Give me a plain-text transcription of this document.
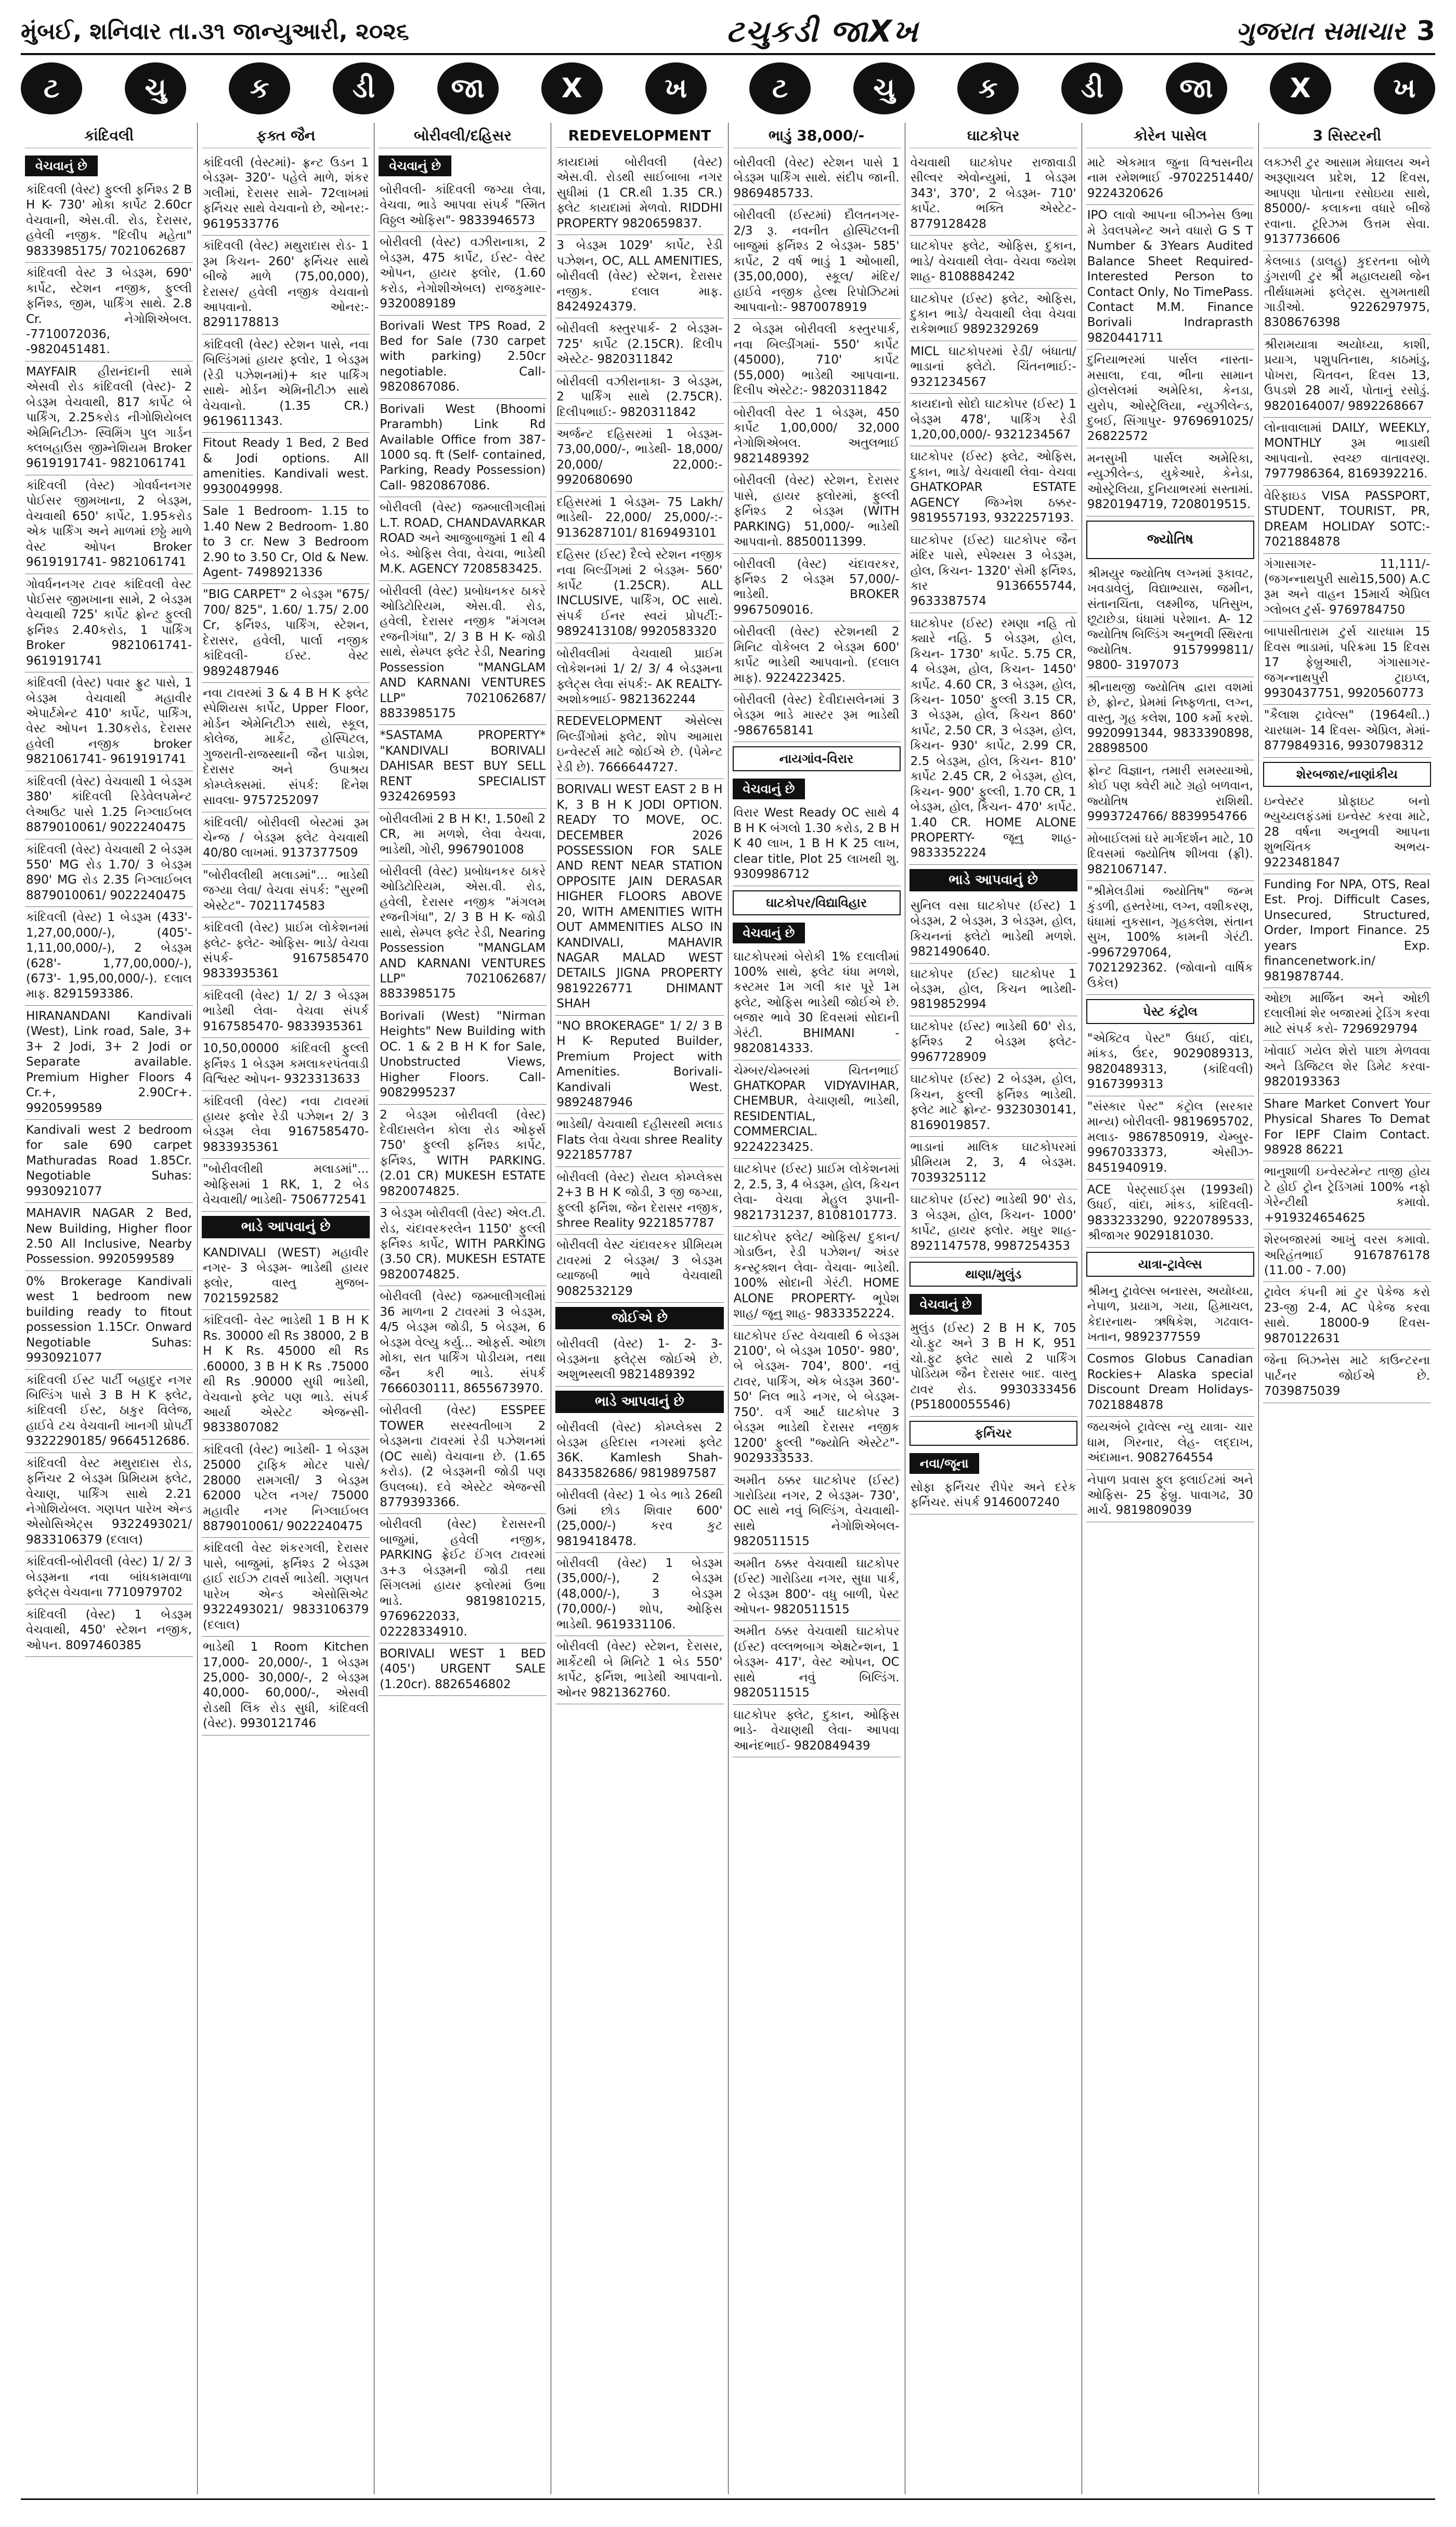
મુંબઈ, શનિવાર તા.૩૧ જાન્યુઆરી, ૨૦૨૬	ટચુકડી જાXખ	ગુજરાત સમાચાર 3
ટ	ચુ	ક	ડી	જા	X	ખ	ટ	ચુ	ક	ડી	જા	X	ખ
કાંદિવલી
વેચવાનું છે
કાંદિવલી (વેસ્ટ) ફુલ્લી ફર્નિશ્ડ 2 B H K- 730' મોકા કાર્પેટ 2.60cr વેચવાની, એસ.વી. રોડ, દેરાસર, હવેલી નજીક. "દિલીપ મહેતા" 9833985175/ 7021062687
કાંદિવલી વેસ્ટ 3 બેડરૂમ, 690' કાર્પેટ, સ્ટેશન નજીક, ફુલ્લી ફર્નિશ્ડ, જીમ, પાર્કિંગ સાથે. 2.8 Cr. નેગોશિએબલ. -7710072036, -9820451481.
MAYFAIR હીરાનંદાની સામે એસવી રોડ કાંદિવલી (વેસ્ટ)- 2 બેડરૂમ વેચવાથી, 817 કાર્પેટ બે પાર્કિંગ, 2.25કરોડ નીગોશિયેબલ એમિનિટીઝ- સ્વિમિંગ પુલ ગાર્ડન ક્લબહાઉસ જીમ્નેશિયમ Broker 9619191741- 9821061741
કાંદિવલી (વેસ્ટ) ગોવર્ધનનગર પોઈસર જીમખાના, 2 બેડરૂમ, વેચવાથી 650' કાર્પેટ, 1.95કરોડ એક પાર્કિંગ અને માળમાં છઠ્ઠે માળે વેસ્ટ ઓપન Broker 9619191741- 9821061741
ગોવર્ધનનગર ટાવર કાંદિવલી વેસ્ટ પોઈસર જીમખાના સામે, 2 બેડરૂમ વેચવાથી 725' કાર્પેટ ફ્રોન્ટ ફુલ્લી ફર્નિશ્ડ 2.40કરોડ, 1 પાર્કિંગ Broker 9821061741- 9619191741
કાંદિવલી (વેસ્ટ) પવાર ફ્રુટ પાસે, 1 બેડરૂમ વેચવાથી મહાવીર એપાર્ટમેન્ટ 410' કાર્પેટ, પાર્કિંગ, વેસ્ટ ઓપન 1.30કરોડ, દેરાસર હવેલી નજીક broker 9821061741- 9619191741
કાંદિવલી (વેસ્ટ) વેચવાથી 1 બેડરૂમ 380' કાંદિવલી રિડેવેલપમેન્ટ લેઆઉટ પાસે 1.25 નિગ્લાઈબલ 8879010061/ 9022240475
કાંદિવલી (વેસ્ટ) વેચવાથી 2 બેડરૂમ 550' MG રોડ 1.70/ 3 બેડરૂમ 890' MG રોડ 2.35 નિગ્લાઈબલ 8879010061/ 9022240475
કાંદિવલી (વેસ્ટ) 1 બેડરૂમ (433'- 1,27,00,000/-), (405'- 1,11,00,000/-), 2 બેડરૂમ (628'- 1,77,00,000/-), (673'- 1,95,00,000/-). દલાલ માફ. 8291593386.
HIRANANDANI Kandivali (West), Link road, Sale, 3+ 3+ 2 Jodi, 3+ 2 Jodi or Separate available. Premium Higher Floors 4 Cr.+, 2.90Cr+. 9920599589
Kandivali west 2 bedroom for sale 690 carpet Mathuradas Road 1.85Cr. Negotiable Suhas: 9930921077
MAHAVIR NAGAR 2 Bed, New Building, Higher floor 2.50 All Inclusive, Nearby Possession. 9920599589
0% Brokerage Kandivali west 1 bedroom new building ready to fitout possession 1.15Cr. Onward Negotiable Suhas: 9930921077
કાંદિવલી ઈસ્ટ પાર્ટી બહાદુર નગર બિલ્ડિંગ પાસે 3 B H K ફ્લેટ, કાંદિવલી ઈસ્ટ, ઠાકુર વિલેજ, હાઈવે ટચ વેચવાની ખાનગી પ્રોપર્ટી 9322290185/ 9664512686.
કાંદિવલી વેસ્ટ મથુરાદાસ રોડ, ફર્નિચર 2 બેડરૂમ પ્રિમિયમ ફ્લેટ, વેચાણ, પાર્કિંગ સાથે 2.21 નેગોશિયેબલ. ગણપત પારેખ એન્ડ એસોસિએટ્સ 9322493021/ 9833106379 (દલાલ)
કાંદિવલી-બોરીવલી (વેસ્ટ) 1/ 2/ 3 બેડરૂમના નવા બાંધકામવાળા ફ્લેટ્સ વેચવાના 7710979702
કાંદિવલી (વેસ્ટ) 1 બેડરૂમ વેચવાથી, 450' સ્ટેશન નજીક, ઓપન. 8097460385
ફક્ત જૈન
કાંદિવલી (વેસ્ટમાં)- ફ્રન્ટ ઉડન 1 બેડરૂમ- 320'- પહેલે માળે, શંકર ગલીમાં, દેરાસર સામે- 72લાખમાં ફર્નિચર સાથે વેચવાનો છે, ઓનર:- 9619533776
કાંદિવલી (વેસ્ટ) મથુરાદાસ રોડ- 1 રૂમ કિચન- 260' ફર્નિચર સાથે બીજે માળે (75,00,000), દેરાસર/ હવેલી નજીક વેચવાનો આપવાનો. ઓનર:- 8291178813
કાંદિવલી (વેસ્ટ) સ્ટેશન પાસે, નવા બિલ્ડિંગમાં હાયર ફ્લોર, 1 બેડરૂમ (રેડી પઝેશનમાં)+ કાર પાર્કિંગ સાથે- મોર્ડન એમિનીટીઝ સાથે વેચવાનો. (1.35 CR.) 9619611343.
Fitout Ready 1 Bed, 2 Bed & Jodi options. All amenities. Kandivali west. 9930049998.
Sale 1 Bedroom- 1.15 to 1.40 New 2 Bedroom- 1.80 to 3 cr. New 3 Bedroom 2.90 to 3.50 Cr, Old & New. Agent- 7498921336
"BIG CARPET" 2 બેડરૂમ "675/ 700/ 825", 1.60/ 1.75/ 2.00 Cr, ફર્નિશ્ડ, પાર્કિંગ, સ્ટેશન, દેરાસર, હવેલી, પાર્લા નજીક કાંદિવલી- ઈસ્ટ. વેસ્ટ 9892487946
નવા ટાવરમાં 3 & 4 B H K ફ્લેટ સ્પેશિયસ કાર્પેટ, Upper Floor, મોર્ડન એમેનિટીઝ સાથે, સ્કૂલ, કોલેજ, માર્કેટ, હોસ્પિટલ, ગુજરાતી-રાજસ્થાની જૈન પાડોશ, દેરાસર અને ઉપાશ્રય કોમ્પ્લેક્સમાં. સંપર્ક: દિનેશ સાવલા- 9757252097
કાંદિવલી/ બોરીવલી બેસ્ટમાં રૂમ ચેન્જ / બેડરૂમ ફ્લેટ વેચવાથી 40/80 લાખમાં. 9137377509
"બોરીવલીથી મલાડમાં"... ભાડેથી જગ્યા લેવા/ વેચવા સંપર્ક: "સુરભી એસ્ટેટ"- 7021174583
કાંદિવલી (વેસ્ટ) પ્રાઈમ લોકેશનમાં ફ્લેટ- ફ્લેટ- ઓફિસ- ભાડે/ વેચવા સંપર્ક- 9167585470 9833935361
કાંદિવલી (વેસ્ટ) 1/ 2/ 3 બેડરૂમ ભાડેથી લેવા- વેચવા સંપર્ક 9167585470- 9833935361
10,50,00000 કાંદિવલી ફુલ્લી ફર્નિશ્ડ 1 બેડરૂમ કમલાકરપંતવાડી વિશ્વિસ્ટ ઓપન- 9323313633
કાંદિવલી (વેસ્ટ) નવા ટાવરમાં હાયર ફ્લોર રેડી પઝેશન 2/ 3 બેડરૂમ લેવા 9167585470- 9833935361
"બોરીવલીથી મલાડમાં"... ઓફિસમાં 1 RK, 1, 2 બેડ વેચવાથી/ ભાડેથી- 7506772541
ભાડે આપવાનું છે
KANDIVALI (WEST) મહાવીર નગર- 3 બેડરૂમ- ભાડેથી હાયર ફ્લોર, વાસ્તુ મુજબ- 7021592582
કાંદિવલી- વેસ્ટ ભાડેથી 1 B H K Rs. 30000 થી Rs 38000, 2 B H K Rs. 45000 થી Rs .60000, 3 B H K Rs .75000 થી Rs .90000 સુધી ભાડેથી, વેચવાનો ફ્લેટ પણ ભાડે. સંપર્ક આર્યા એસ્ટેટ એજન્સી- 9833807082
કાંદિવલી (વેસ્ટ) ભાડેથી- 1 બેડરૂમ 25000 ટ્રાફિક મોટર પાસે/ 28000 રામગલી/ 3 બેડરૂમ 62000 પટેલ નગર/ 75000 મહાવીર નગર નિગ્લાઈબલ 8879010061/ 9022240475
કાંદિવલી વેસ્ટ શંકરગલી, દેરાસર પાસે, બાજુમાં, ફર્નિશ્ડ 2 બેડરૂમ હાઈ રાઈઝ ટાવર્સ ભાડેથી. ગણપત પારેખ એન્ડ એસોસિએટ 9322493021/ 9833106379 (દલાલ)
ભાડેથી 1 Room Kitchen 17,000- 20,000/-, 1 બેડરૂમ 25,000- 30,000/-, 2 બેડરૂમ 40,000- 60,000/-, એસવી રોડથી લિંક રોડ સુધી, કાંદિવલી (વેસ્ટ). 9930121746
બોરીવલી/દહિસર
વેચવાનું છે
બોરીવલી- કાંદિવલી જગ્યા લેવા, વેચવા, ભાડે આપવા સંપર્ક "સ્મિત વિઠ્ઠલ ઓફિસ"- 9833946573
બોરીવલી (વેસ્ટ) વઝીરાનાકા, 2 બેડરૂમ, 475 કાર્પેટ, ઈસ્ટ- વેસ્ટ ઓપન, હાયર ફ્લોર, (1.60 કરોડ, નેગોશીએબલ) રાજકુમાર- 9320089189
Borivali West TPS Road, 2 Bed for Sale (730 carpet with parking) 2.50cr negotiable. Call- 9820867086.
Borivali West (Bhoomi Prarambh) Link Rd Available Office from 387- 1000 sq. ft (Self- contained, Parking, Ready Possession) Call- 9820867086.
બોરીવલી (વેસ્ટ) જમ્બાલીગલીમાં L.T. ROAD, CHANDAVARKAR ROAD અને આજુબાજુમાં 1 થી 4 બેડ. ઓફિસ લેવા, વેચવા, ભાડેથી M.K. AGENCY 7208583425.
બોરીવલી (વેસ્ટ) પ્રબોધનકર ઠાકરે ઓડિટોરિયમ, એસ.વી. રોડ, હવેલી, દેરાસર નજીક "મંગલમ રજનીગંધા", 2/ 3 B H K- જોડી સાથે, સેમ્પલ ફ્લેટ રેડી, Nearing Possession "MANGLAM AND KARNANI VENTURES LLP" 7021062687/ 8833985175
*SASTAMA PROPERTY* "KANDIVALI BORIVALI DAHISAR BEST BUY SELL RENT SPECIALIST 9324269593
બોરીવલીમાં 2 B H K!, 1.50થી 2 CR, મા મળશે, લેવા વેચવા, ભાડેથી, ગોરી, 9967901008
બોરીવલી (વેસ્ટ) પ્રબોધનકર ઠાકરે ઓડિટોરિયમ, એસ.વી. રોડ, હવેલી, દેરાસર નજીક "મંગલમ રજનીગંધા", 2/ 3 B H K- જોડી સાથે, સેમ્પલ ફ્લેટ રેડી, Nearing Possession "MANGLAM AND KARNANI VENTURES LLP" 7021062687/ 8833985175
Borivali (West) "Nirman Heights" New Building with OC. 1 & 2 B H K for Sale, Unobstructed Views, Higher Floors. Call- 9082995237
2 બેડરૂમ બોરીવલી (વેસ્ટ) દેવીદાસલેન કોલા રોડ ઓફર્સ 750' ફુલ્લી ફર્નિશ્ડ કાર્પેટ, ફર્નિશ્ડ, WITH PARKING. (2.01 CR) MUKESH ESTATE 9820074825.
3 બેડરૂમ બોરીવલી (વેસ્ટ) એલ.ટી. રોડ, ચંદાવરકરલેન 1150' ફુલ્લી ફર્નિશ્ડ કાર્પેટ, WITH PARKING (3.50 CR). MUKESH ESTATE 9820074825.
બોરીવલી (વેસ્ટ) જમ્બાલીગલીમાં 36 માળના 2 ટાવરમાં 3 બેડરૂમ, 4/5 બેડરૂમ જોડી, 5 બેડરૂમ, 6 બેડરૂમ વેલ્યુ કર્યુ... ઓફર્સ. ઓછા મોકા, સત પાર્કિંગ પોડીયમ, તથા જૈન કરી ભાડે. સંપર્ક 7666030111, 8655673970.
બોરીવલી (વેસ્ટ) ESSPEE TOWER સરસ્વતીબાગ 2 બેડરૂમના ટાવરમાં રેડી પઝેશનમાં (OC સાથે) વેચવાના છે. (1.65 કરોડ). (2 બેડરૂમની જોડી પણ ઉપલબ્ધ). દવે એસ્ટેટ એજન્સી 8779393366.
બોરીવલી (વેસ્ટ) દેરાસરની બાજુમાં, હવેલી નજીક, PARKING ફ્રેઈટ ઈંગલ ટાવરમાં ૩+૩ બેડરૂમની જોડી તથા સિંગલમાં હાયર ફ્લોરમાં ઉભા ભાડે. 9819810215, 9769622033, 02228334910.
BORIVALI WEST 1 BED (405') URGENT SALE (1.20cr). 8826546802
REDEVELOPMENT
કાયદામાં બોરીવલી (વેસ્ટ) એસ.વી. રોડથી સાઈબાબા નગર સુધીમાં (1 CR.થી 1.35 CR.) ફ્લેટ કાયદામાં મેળવો. RIDDHI PROPERTY 9820659837.
3 બેડરૂમ 1029' કાર્પેટ, રેડી પઝેશન, OC, ALL AMENITIES, બોરીવલી (વેસ્ટ) સ્ટેશન, દેરાસર નજીક. દલાલ માફ. 8424924379.
બોરીવલી ક્સ્તુરપાર્ક- 2 બેડરૂમ- 725' કાર્પેટ (2.15CR). દિલીપ એસ્ટેટ- 9820311842
બોરીવલી વઝીરાનાકા- 3 બેડરૂમ, 2 પાર્કિંગ સાથે (2.75CR). દિલીપભાઈ:- 9820311842
અર્જન્ટ દહિસરમાં 1 બેડરૂમ- 73,00,000/-, ભાડેથી- 18,000/ 20,000/ 22,000:- 9920680690
દહિસરમાં 1 બેડરૂમ- 75 Lakh/ ભાડેથી- 22,000/ 25,000/-:- 9136287101/ 8169493101
દહિસર (ઈસ્ટ) દૈલ્વે સ્ટેશન નજીક નવા બિલ્ડીંગમાં 2 બેડરૂમ- 560' કાર્પેટ (1.25CR). ALL INCLUSIVE, પાર્કિંગ, OC સાથે. સંપર્ક ઈનર સ્વયં પ્રોપર્ટી:- 9892413108/ 9920583320
બોરીવલીમાં વેચવાથી પ્રાઈમ લોકેશનમાં 1/ 2/ 3/ 4 બેડરૂમના ફ્લેટ્સ લેવા સંપર્ક:- AK REALTY- અશોકભાઈ- 9821362244
REDEVELOPMENT એસેલ્સ બિલ્ડીંગોમાં ફ્લેટ, શોપ આમારા ઇન્વેસ્ટર્સ માટે જોઈએ છે. (પેમેન્ટ રેડી છે). 7666644727.
BORIVALI WEST EAST 2 B H K, 3 B H K JODI OPTION. READY TO MOVE, OC. DECEMBER 2026 POSSESSION FOR SALE AND RENT NEAR STATION OPPOSITE JAIN DERASAR HIGHER FLOORS ABOVE 20, WITH AMENITIES WITH OUT AMMENITIES ALSO IN KANDIVALI, MAHAVIR NAGAR MALAD WEST DETAILS JIGNA PROPERTY 9819226771 DHIMANT SHAH
"NO BROKERAGE" 1/ 2/ 3 B H K- Reputed Builder, Premium Project with Amenities. Borivali- Kandivali West. 9892487946
ભાડેથી/ વેચવાથી દહીસરથી મલાડ Flats લેવા વેચવા shree Reality 9221857787
બોરીવલી (વેસ્ટ) રોયલ કોમ્પ્લેક્સ 2+3 B H K જોડી, 3 જી જગ્યા, ફુલ્લી ફર્નિશ, જેન દેરાસર નજીક, shree Reality 9221857787
બોરીવલી વેસ્ટ ચંદાવરકર પ્રીમિયમ ટાવરમાં 2 બેડરૂમ/ 3 બેડરૂમ વ્યાજબી ભાવે વેચવાથી 9082532129
જોઈએ છે
બોરીવલી (વેસ્ટ) 1- 2- 3- બેડરૂમના ફ્લેટ્સ જોઈએ છે. અશુભસ્થલી 9821489392
ભાડે આપવાનું છે
બોરીવલી (વેસ્ટ) કોમ્પ્લેક્સ 2 બેડરૂમ હરિદાસ નગરમાં ફ્લેટ 36K. Kamlesh Shah- 8433582686/ 9819897587
બોરીવલી (વેસ્ટ) 1 બેડ ભાડે 26થી ઉમાં છોડ શિવાર 600' (25,000/-) કરવ કુટ 9819418478.
બોરીવલી (વેસ્ટ) 1 બેડરૂમ (35,000/-), 2 બેડરૂમ (48,000/-), 3 બેડરૂમ (70,000/-) શોપ, ઓફિસ ભાડેથી. 9619331106.
બોરીવલી (વેસ્ટ) સ્ટેશન, દેરાસર, માર્કેટથી બે મિનિટે 1 બેડ 550' કાર્પેટ, ફર્નિશ, ભાડેથી આપવાનો. ઓનર 9821362760.
ભાડું 38,000/-
બોરીવલી (વેસ્ટ) સ્ટેશન પાસે 1 બેડરૂમ પાર્કિંગ સાથે. સંદીપ જાની. 9869485733.
બોરીવલી (ઈસ્ટમાં) દૌલતનગર- 2/3 રૂ. નવનીત હોસ્પિટલની બાજુમાં ફર્નિશ્ડ 2 બેડરૂમ- 585' કાર્પેટ, 2 વર્ષ ભાડું 1 ઓબાથી, (35,00,000), સ્કૂલ/ મંદિર/ હાઈવે નજીક હેલ્થ રિપોઝિટમાં આપવાનો:- 9870078919
2 બેડરૂમ બોરીવલી કસ્તુરપાર્ક, નવા બિલ્ડીંગમાં- 550' કાર્પેટ (45000), 710' કાર્પેટ (55,000) ભાડેથી આપવાના. દિલીપ એસ્ટેટ:- 9820311842
બોરીવલી વેસ્ટ 1 બેડરૂમ, 450 કાર્પેટ 1,00,000/ 32,000 નેગોશિએબલ. અતુલભાઈ 9821489392
બોરીવલી (વેસ્ટ) સ્ટેશન, દેરાસર પાસે, હાયર ફ્લોરમાં, ફુલ્લી ફર્નિશ્ડ 2 બેડરૂમ (WITH PARKING) 51,000/- ભાડેથી આપવાનો. 8850011399.
બોરીવલી (વેસ્ટ) ચંદાવરકર, ફર્નિશ્ડ 2 બેડરૂમ 57,000/- ભાડેથી. BROKER 9967509016.
બોરીવલી (વેસ્ટ) સ્ટેશનથી 2 મિનિટ વોકેબલ 2 બેડરૂમ 600' કાર્પેટ ભાડેથી આપવાનો. (દલાલ માફ). 9224223425.
બોરીવલી (વેસ્ટ) દેવીદાસલેનમાં 3 બેડરૂમ ભાડે માસ્ટર રૂમ ભાડેથી -9867658141
નાયગાંવ-વિરાર
વેચવાનું છે
વિરાર West Ready OC સાથે 4 B H K બંગલો 1.30 કરોડ, 2 B H K 40 લાખ, 1 B H K 25 લાખ, clear title, Plot 25 લાખથી શુ. 9309986712
ઘાટકોપર/વિદ્યાવિહાર
વેચવાનું છે
ઘાટકોપરમાં બેરોકી 1% દલાલીમાં 100% સાથે, ફ્લેટ ધંધા મળશે, કસ્ટમર 1મ ગલી કાર પૂરે 1મ ફ્લેટ, ઓફિસ ભાડેથી જોઈએ છે. બજાર ભાવે 30 દિવસમાં સોદાની ગેરંટી. BHIMANI - 9820814333.
ચેમ્બર/ચેમ્બરમાં ચિતનભાઈ GHATKOPAR VIDYAVIHAR, CHEMBUR, વેચાણથી, ભાડેથી, RESIDENTIAL, COMMERCIAL. 9224223425.
ઘાટકોપર (ઈસ્ટ) પ્રાઈમ લોકેશનમાં 2, 2.5, 3, 4 બેડરૂમ, હોલ, કિચન લેવા- વેચવા મેહુલ રૂપાની- 9821731237, 8108101773.
ઘાટકોપર ફ્લેટ/ ઓફિસ/ દુકાન/ ગોડાઉન, રેડી પઝેશન/ અંડર કન્સ્ટ્રક્શન લેવા- વેચવા- ભાડેથી. 100% સોદાની ગેરંટી. HOME ALONE PROPERTY- ભૂપેશ શાહ/ જૂનુ શાહ- 9833352224.
ઘાટકોપર ઈસ્ટ વેચવાથી 6 બેડરૂમ 2100', બે બેડરૂમ 1050'- 980', બે બેડરૂમ- 704', 800'. નવું ટાવર, પાર્કિંગ, એક બેડરૂમ 360'- 50' નિલ ભાડે નગર, બે બેડરૂમ- 750'. વર્ગ આર્ટ ઘાટકોપર 3 બેડરૂમ ભાડેથી દેરાસર નજીક 1200' ફુલ્લી "જ્યોતિ એસ્ટેટ"- 9029333533.
અમીત ઠક્કર ઘાટકોપર (ઈસ્ટ) ગારોડિયા નગર, 2 બેડરૂમ- 730', OC સાથે નવું બિલ્ડિંગ, વેચવાથી- સાથે નેગોશિએબલ- 9820511515
અમીત ઠક્કર વેચવાથી ઘાટકોપર (ઈસ્ટ) ગારોડિયા નગર, સુધા પાર્ક, 2 બેડરૂમ 800'- વધુ બાળી, પેસ્ટ ઓપન- 9820511515
અમીત ઠક્કર વેચવાથી ઘાટકોપર (ઈસ્ટ) વલ્લભબાગ એક્ષટેન્શન, 1 બેડરૂમ- 417', વેસ્ટ ઓપન, OC સાથે નવું બિલ્ડિંગ. 9820511515
ઘાટકોપર ફ્લેટ, દુકાન, ઓફિસ ભાડે- વેચાણથી લેવા- આપવા આનંદભાઈ- 9820849439
ઘાટકોપર
વેચવાથી ઘાટકોપર રાજાવાડી સીલ્વર એવોન્યુમાં, 1 બેડરૂમ 343', 370', 2 બેડરૂમ- 710' કાર્પેટ. ભક્તિ એસ્ટેટ- 8779128428
ઘાટકોપર ફ્લેટ, ઓફિસ, દુકાન, ભાડે/ વેચવાથી લેવા- વેચવા જયેશ શાહ- 8108884242
ઘાટકોપર (ઈસ્ટ) ફ્લેટ, ઓફિસ, દુકાન ભાડે/ વેચવાથી લેવા વેચવા રાકેશભાઈ 9892329269
MICL ઘાટકોપરમાં રેડી/ બંધાતા/ ભાડાનાં ફ્લેટો. ચિંતનભાઈ:- 9321234567
કાયદાનો સોદો ઘાટકોપર (ઈસ્ટ) 1 બેડરૂમ 478', પાર્કિંગ રેડી 1,20,00,000/- 9321234567
ઘાટકોપર (ઈસ્ટ) ફ્લેટ, ઓફિસ, દુકાન, ભાડે/ વેચવાથી લેવા- વેચવા GHATKOPAR ESTATE AGENCY જિગ્નેશ ઠક્કર- 9819557193, 9322257193.
ઘાટકોપર (ઈસ્ટ) ઘાટકોપર જૈન મંદિર પાસે, સ્પેશ્યસ 3 બેડરૂમ, હોલ, કિચન- 1320' સેમી ફર્નિશ્ડ, કાર 9136655744, 9633387574
ઘાટકોપર (ઈસ્ટ) રમણા નહિ તો ક્યારે નહિ. 5 બેડરૂમ, હોલ, કિચન- 1730' કાર્પેટ. 5.75 CR, 4 બેડરૂમ, હોલ, કિચન- 1450' કાર્પેટ. 4.60 CR, 3 બેડરૂમ, હોલ, કિચન- 1050' ફુલ્લી 3.15 CR, 3 બેડરૂમ, હોલ, કિચન 860' કાર્પેટ, 2.50 CR, 3 બેડરૂમ, હોલ, કિચન- 930' કાર્પેટ, 2.99 CR, 2.5 બેડરૂમ, હોલ, કિચન- 810' કાર્પેટ 2.45 CR, 2 બેડરૂમ, હોલ, કિચન- 900' ફુલ્લી, 1.70 CR, 1 બેડરૂમ, હોલ, કિચન- 470' કાર્પેટ. 1.40 CR. HOME ALONE PROPERTY- જૂનુ શાહ- 9833352224
ભાડે આપવાનું છે
સુનિલ વસા ઘાટકોપર (ઈસ્ટ) 1 બેડરૂમ, 2 બેડરૂમ, 3 બેડરૂમ, હોલ, કિચનનાં ફ્લેટો ભાડેથી મળશે. 9821490640.
ઘાટકોપર (ઈસ્ટ) ઘાટકોપર 1 બેડરૂમ, હોલ, કિચન ભાડેથી- 9819852994
ઘાટકોપર (ઈસ્ટ) ભાડેથી 60' રોડ, ફર્નિશ્ડ 2 બેડરૂમ ફ્લેટ- 9967728909
ઘાટકોપર (ઈસ્ટ) 2 બેડરૂમ, હોલ, કિચન, ફુલ્લી ફર્નિશ્ડ ભાડેથી. ફ્લેટ માટે ફ્રોન્ટ- 9323030141, 8169019857.
ભાડાનાં માલિક ઘાટકોપરમાં પ્રીમિયમ 2, 3, 4 બેડરૂમ. 7039325112
ઘાટકોપર (ઈસ્ટ) ભાડેથી 90' રોડ, 3 બેડરૂમ, હોલ, કિચન- 1000' કાર્પેટ, હાયર ફ્લોર. મધુર શાહ- 8921147578, 9987254353
થાણા/મુલુંડ
વેચવાનું છે
મુલુંડ (ઈસ્ટ) 2 B H K, 705 ચો.ફુટ અને 3 B H K, 951 ચો.ફુટ ફ્લેટ સાથે 2 પાર્કિંગ પોડિયમ જૈન દેરાસર બાદ. વાસ્તુ ટાવર રોડ. 9930333456 (P51800055546)
ફર્નિચર
નવા/જૂના
સોફા ફર્નિચર રીપેર અને દરેક ફર્નિચર. સંપર્ક 9146007240
કોરેન પાસેલ
માટે એકમાત્ર જુના વિશ્વસનીય નામ રમેશભાઈ -9702251440/ 9224320626
IPO લાવો આપના બીઝનેસ ઉભા મે ડેવલપમેન્ટ અને વધારો G S T Number & 3Years Audited Balance Sheet Required- Interested Person to Contact Only, No TimePass. Contact M.M. Finance Borivali Indraprasth 9820441711
દુનિયાભરમાં પાર્સલ નાસ્તા- મસાલા, દવા, ભીના સામાન હોલસેલમાં અમેરિકા, કેનડા, યુરોપ, ઓસ્ટ્રેલિયા, ન્યુઝીલેન્ડ, દુબઈ, સિંગાપુર- 9769691025/ 26822572
મનસુખી પાર્સલ અમેરિકા, ન્યુઝીલેન્ડ, યુકેઆરે, કેનેડા, ઓસ્ટ્રેલિયા, દુનિયાભરમાં સસ્તામાં. 9820194719, 7208019515.
જ્યોતિષ
શ્રીમયુર જ્યોતિષ લગ્નમાં રૂકાવટ, ખવડાવેલું, વિદ્યાભ્યાસ, જમીન, સંતાનચિંતા, લક્ષ્મીજ, પતિસુખ, છૂટાછેડા, ધંધામાં પરેશાન. A- 12 જ્યોતિષ બિલ્ડિંગ અનુભવી સ્થિરતા જ્યોતિષ. 9157999811/ 9800- 3197073
શ્રીનાથજી જ્યોતિષ દ્વારા વશમાં છે, ફ્રોન્ટ, પ્રેમમાં નિષ્ફળતા, લગ્ન, વાસ્તુ, ગૃહ કલેશ, 100 કર્મો કરશે. 9920991344, 9833390898, 28898500
ફ્રોન્ટ વિજ્ઞાન, તમારી સમસ્યાઓ, કોઈ પણ ક્વેરી માટે ગ્રહો બળવાન, જ્યોતિષ રાશિથી. 9993724766/ 8839954766
મોબાઈલમાં ઘરે માર્ગદર્શન માટે, 10 દિવસમાં જ્યોતિષ શીખવા (ફ્રી). 9821067147.
"શ્રીમેલડીમાં જ્યોતિષ" જન્મ કુંડળી, હસ્તરેખા, લગ્ન, વશીકરણ, ધંધામાં નુકસાન, ગૃહકલેશ, સંતાન સુખ, 100% કામની ગેરંટી. -9967297064, 7021292362. (જોવાનો વાર્ષિક ઉકેલ)
પેસ્ટ કંટ્રોલ
"એક્ટિવ પેસ્ટ" ઉધઈ, વાંદા, માંકડ, ઉંદર, 9029089313, 9820489313, (કાંદિવલી) 9167399313
"સંસ્કાર પેસ્ટ" કંટ્રોલ (સરકાર માન્ય) બોરીવલી- 9819695702, મલાડ- 9867850919, ચેમ્બુર- 9967033373, એસીઝ- 8451940919.
ACE પેસ્ટ્સાઈડ્સ (1993થી) ઉધઈ, વાંદા, માંકડ, કાંદિવલી- 9833233290, 9220789533, શ્રીજાગર 9029181030.
યાત્રા-ટ્રાવેલ્સ
શ્રીમનુ ટ્રાવેલ્સ બનારસ, અયોધ્યા, નેપાળ, પ્રયાગ, ગયા, હિમાચલ, કેદારનાથ- ઋષિકેશ, ગઢવાલ- ખતાન, 9892377559
Cosmos Globus Canadian Rockies+ Alaska special Discount Dream Holidays- 7021884878
જયઅંબે ટ્રાવેલ્સ ન્યુ યાત્રા- ચાર ધામ, ગિરનાર, લેહ- લદ્દાખ, અંદામાન. 9082764554
નેપાળ પ્રવાસ ફુલ ફ્લાઈટમાં અને ઓફિસ- 25 ફેબ્રુ. પાવાગઢ, 30 માર્ચ. 9819809039
3 સિસ્ટરની
લક્ઝરી ટુર આસામ મેઘાલય અને અરૂણાચલ પ્રદેશ, 12 દિવસ, આપણા પોતાના રસોઇયા સાથે, 85000/- કલાકના વધારે બીજે રવાના. ટૂરિઝમ ઉત્તમ સેવા. 9137736606
કેલબાડ (ડાલહુ) કુદરતના બોળે ડુંગરાળી ટુર શ્રી મહાલયથી જેન તીર્થધામમાં ફ્લેટ્સ. સુગમતાથી ગાડીઓ. 9226297975, 8308676398
શ્રીરામયાત્રા અયોધ્યા, કાશી, પ્રયાગ, પશુપતિનાથ, કાઠમાંડુ, પોખરા, ચિતવન, દિવસ 13, ઉપડશે 28 માર્ચ, પોતાનું રસોડું. 9820164007/ 9892268667
લોનાવાલામાં DAILY, WEEKLY, MONTHLY રૂમ ભાડાથી આપવાનો. સ્વચ્છ વાતાવરણ. 7977986364, 8169392216.
વેરિફાઇડ VISA PASSPORT, STUDENT, TOURIST, PR, DREAM HOLIDAY SOTC:- 7021884878
ગંગાસાગર- 11,111/- (જગન્નાથપુરી સાથે15,500) A.C રૂમ અને વાહન 15માર્ચ એપ્રિલ ગ્લોબલ ટુર્સ- 9769784750
બાપાસીતારામ ટુર્સ ચારધામ 15 દિવસ ભાડામાં, પરિક્રમા 15 દિવસ 17 ફેબ્રુઆરી, ગંગાસાગર- જગન્નાથપુરી ટ્રાઇપ્લ, 9930437751, 9920560773
"કૈલાશ ટ્રાવેલ્સ" (1964થી..) ચારધામ- 14 દિવસ- એપ્રિલ, મેમાં- 8779849316, 9930798312
શેરબજાર/નાણાંકીય
ઇન્વેસ્ટર પ્રોફાઇટ બનો ભ્યુચ્યલફંડમાં ઇન્વેસ્ટ કરવા માટે, 28 વર્ષના અનુભવી આપના શુભચિંતક અભય- 9223481847
Funding For NPA, OTS, Real Est. Proj. Difficult Cases, Unsecured, Structured, Order, Import Finance. 25 years Exp. financenetwork.in/ 9819878744.
ઓછા માર્જિન અને ઓછી દલાલીમાં શેર બજારમાં ટ્રેડિંગ કરવા માટે સંપર્ક કરો- 7296929794
ખોવાઈ ગયેલ શેરો પાછા મેળવવા અને ડિજિટલ શેર ડિમેટ કરવા- 9820193363
Share Market Convert Your Physical Shares To Demat For IEPF Claim Contact. 98928 86221
ભાનુશાળી ઇન્વેસ્ટમેન્ટ તાજી હોય ટે હોઈ ટ્રોન ટ્રેડિંગમાં 100% નફો ગેરેન્ટીથી કમાવો. +919324654625
શેરબજારમાં આખું વરસ કમાવો. અરિહંતભાઈ 9167876178 (11.00 - 7.00)
ટ્રાવેલ કંપની માં ટુર પેકેજ કરો 23-જી 2-4, AC પેકેજ કરવા સાથે. 18000-9 દિવસ- 9870122631
જેના બિઝનેસ માટે કાઉન્ટરના પાર્ટનર જોઈએ છે. 7039875039
